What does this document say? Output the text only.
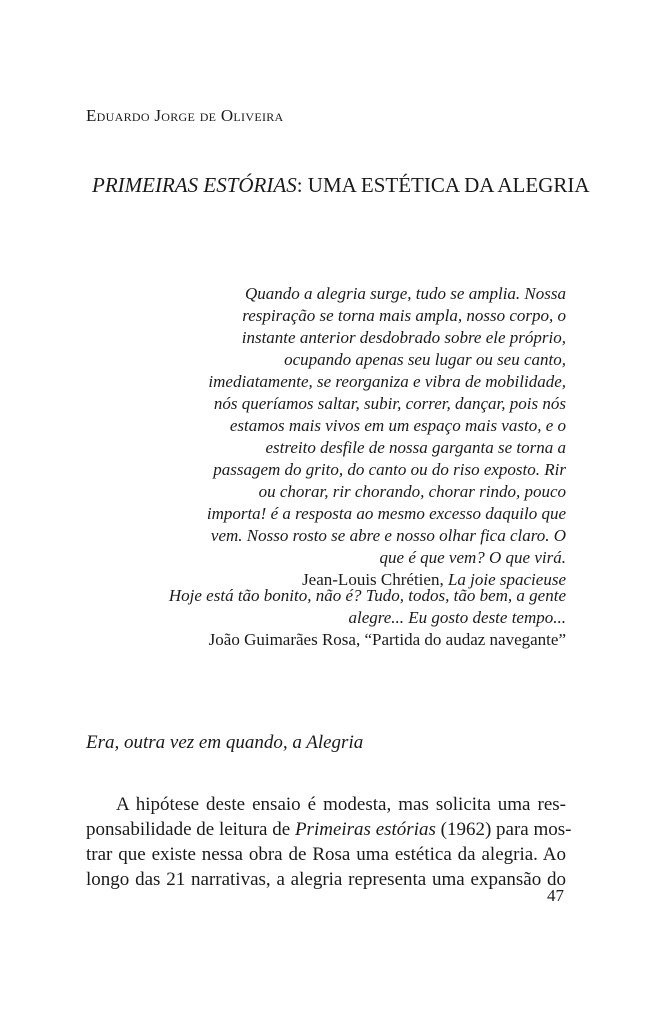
Eduardo Jorge de Oliveira
PRIMEIRAS ESTÓRIAS: UMA ESTÉTICA DA ALEGRIA
Quando a alegria surge, tudo se amplia. Nossa
respiração se torna mais ampla, nosso corpo, o
instante anterior desdobrado sobre ele próprio,
ocupando apenas seu lugar ou seu canto,
imediatamente, se reorganiza e vibra de mobilidade,
nós queríamos saltar, subir, correr, dançar, pois nós
estamos mais vivos em um espaço mais vasto, e o
estreito desfile de nossa garganta se torna a
passagem do grito, do canto ou do riso exposto. Rir
ou chorar, rir chorando, chorar rindo, pouco
importa! é a resposta ao mesmo excesso daquilo que
vem. Nosso rosto se abre e nosso olhar fica claro. O
que é que vem? O que virá.
Jean-Louis Chrétien, La joie spacieuse
Hoje está tão bonito, não é? Tudo, todos, tão bem, a gente
alegre... Eu gosto deste tempo...
João Guimarães Rosa, “Partida do audaz navegante”
Era, outra vez em quando, a Alegria
A hipótese deste ensaio é modesta, mas solicita uma res-
ponsabilidade de leitura de Primeiras estórias (1962) para mos-
trar que existe nessa obra de Rosa uma estética da alegria. Ao
longo das 21 narrativas, a alegria representa uma expansão do
47
